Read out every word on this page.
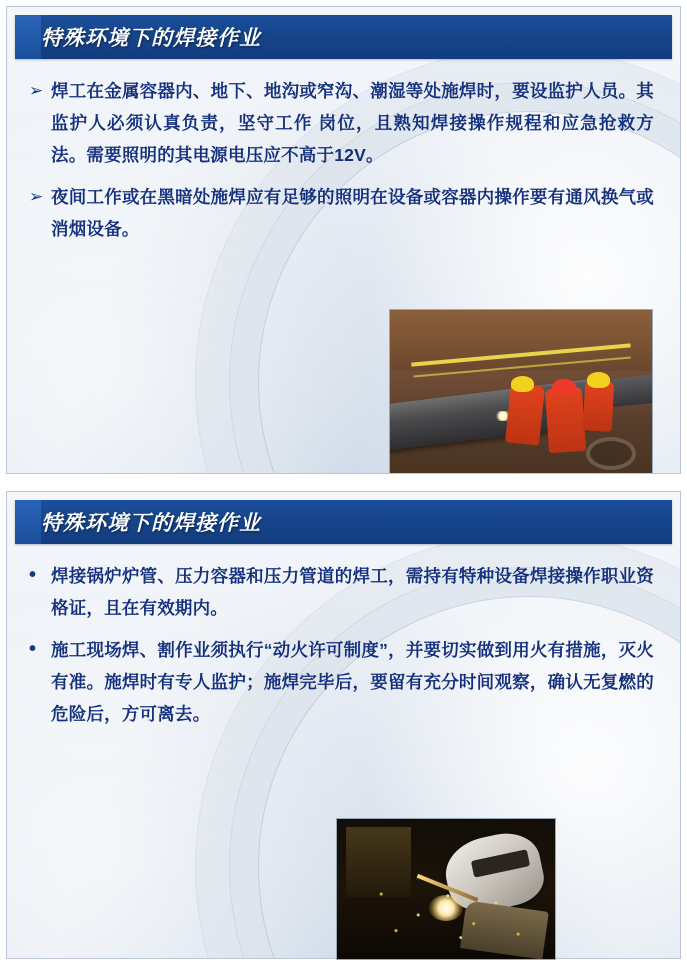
特殊环境下的焊接作业
➢ 焊工在金属容器内、地下、地沟或窄沟、潮湿等处施焊时，要设监护人员。其监护人必须认真负责，坚守工作 岗位，且熟知焊接操作规程和应急抢救方法。需要照明的其电源电压应不高于12V。
➢ 夜间工作或在黑暗处施焊应有足够的照明在设备或容器内操作要有通风换气或消烟设备。
特殊环境下的焊接作业
• 焊接锅炉炉管、压力容器和压力管道的焊工，需持有特种设备焊接操作职业资格证，且在有效期内。
• 施工现场焊、割作业须执行“动火许可制度”，并要切实做到用火有措施，灭火有准。施焊时有专人监护；施焊完毕后，要留有充分时间观察，确认无复燃的危险后，方可离去。
